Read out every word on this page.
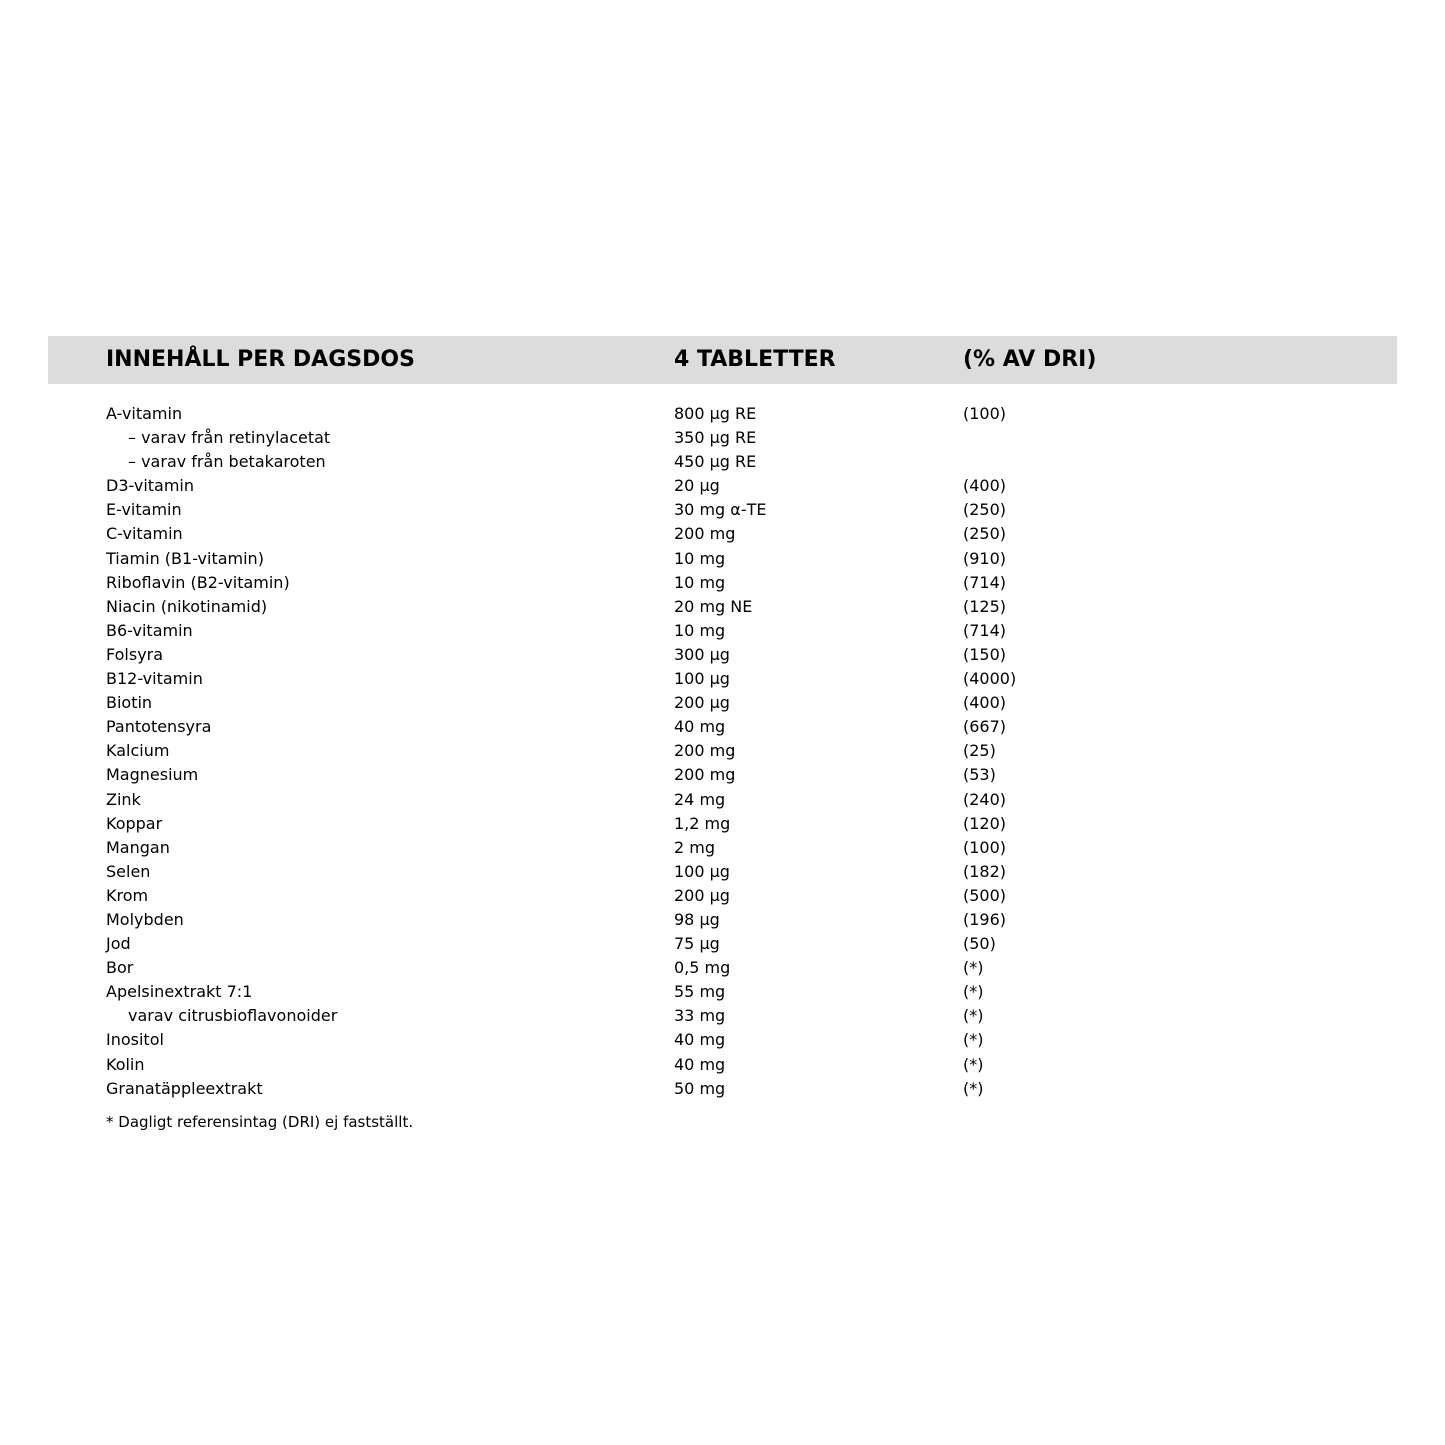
INNEHÅLL PER DAGSDOS	4 TABLETTER	(% AV DRI)
A-vitamin	800 µg RE	(100)
– varav från retinylacetat	350 µg RE
– varav från betakaroten	450 µg RE
D3-vitamin	20 µg	(400)
E-vitamin	30 mg α-TE	(250)
C-vitamin	200 mg	(250)
Tiamin (B1-vitamin)	10 mg	(910)
Riboflavin (B2-vitamin)	10 mg	(714)
Niacin (nikotinamid)	20 mg NE	(125)
B6-vitamin	10 mg	(714)
Folsyra	300 µg	(150)
B12-vitamin	100 µg	(4000)
Biotin	200 µg	(400)
Pantotensyra	40 mg	(667)
Kalcium	200 mg	(25)
Magnesium	200 mg	(53)
Zink	24 mg	(240)
Koppar	1,2 mg	(120)
Mangan	2 mg	(100)
Selen	100 µg	(182)
Krom	200 µg	(500)
Molybden	98 µg	(196)
Jod	75 µg	(50)
Bor	0,5 mg	(*)
Apelsinextrakt 7:1	55 mg	(*)
varav citrusbioflavonoider	33 mg	(*)
Inositol	40 mg	(*)
Kolin	40 mg	(*)
Granatäppleextrakt	50 mg	(*)
* Dagligt referensintag (DRI) ej fastställt.
